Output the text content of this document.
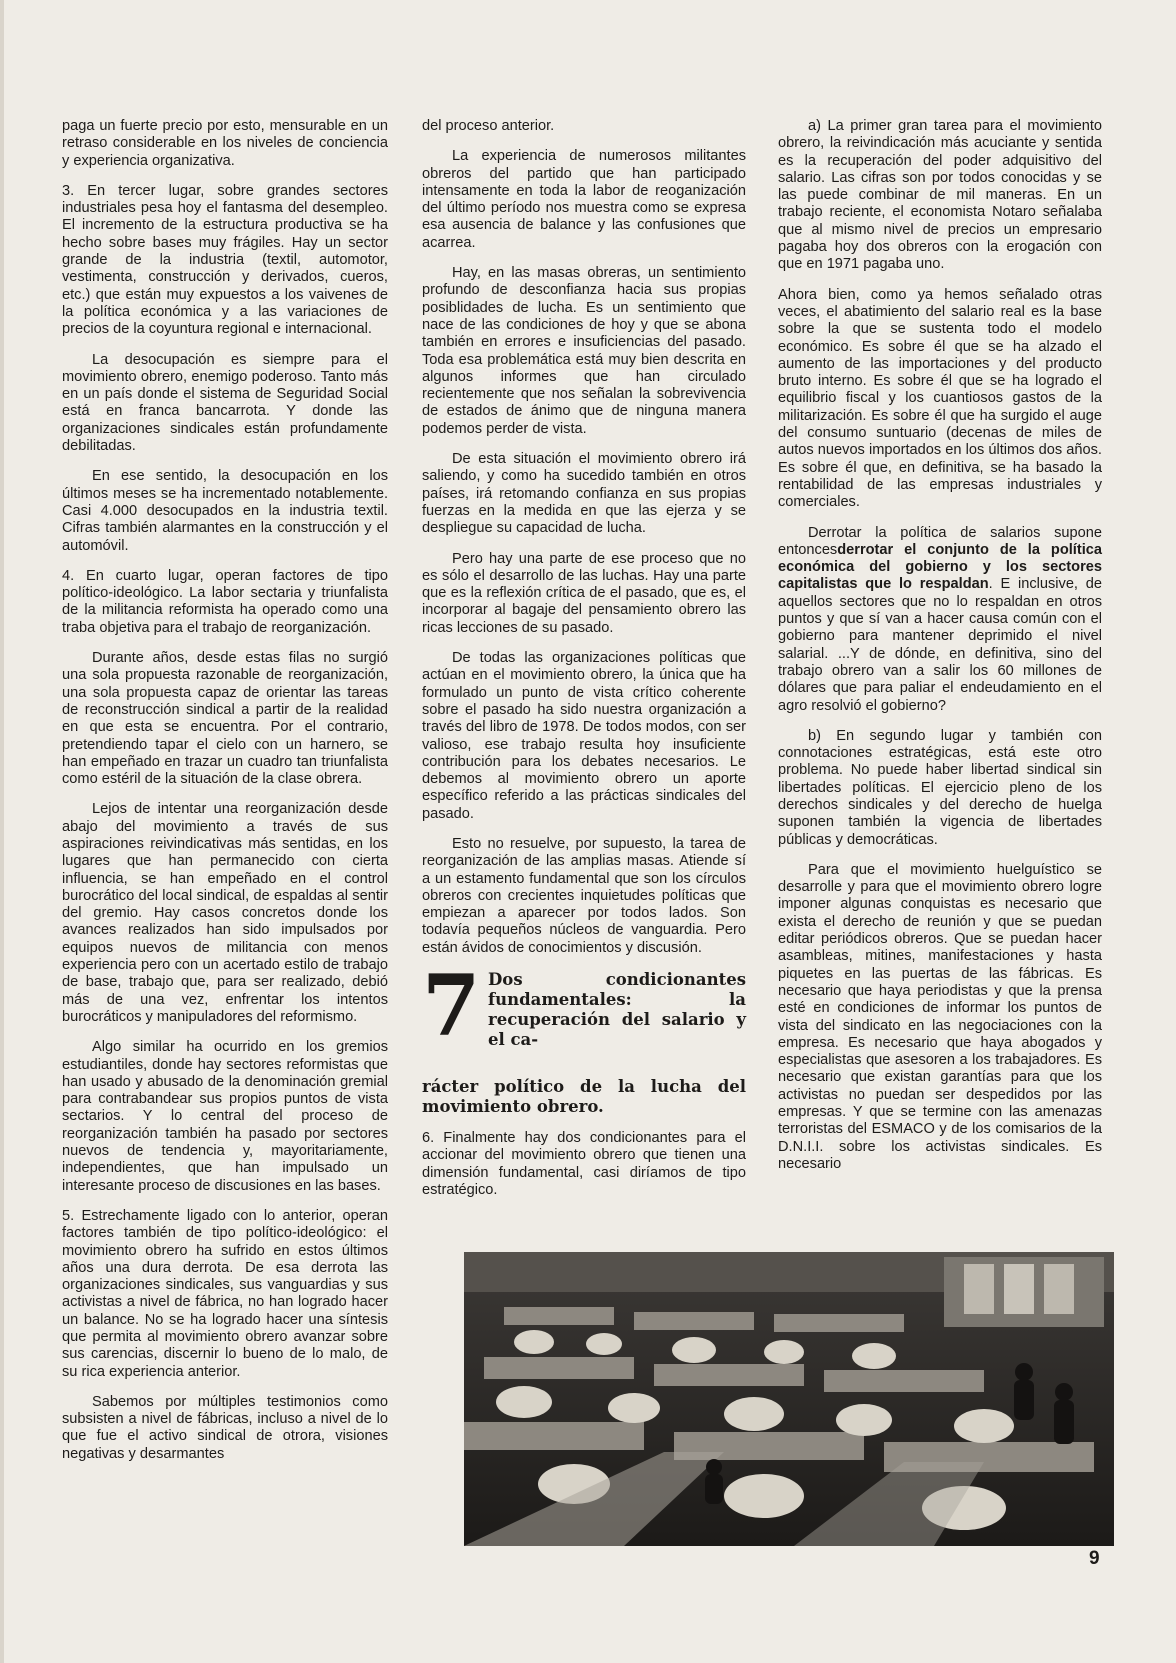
paga un fuerte precio por esto, mensurable en un retraso considerable en los niveles de conciencia y experiencia organizativa.

3. En tercer lugar, sobre grandes sectores industriales pesa hoy el fantasma del desempleo. El incremento de la estructura productiva se ha hecho sobre bases muy frágiles. Hay un sector grande de la industria (textil, automotor, vestimenta, construcción y derivados, cueros, etc.) que están muy expuestos a los vaivenes de la política económica y a las variaciones de precios de la coyuntura regional e internacional.

La desocupación es siempre para el movimiento obrero, enemigo poderoso. Tanto más en un país donde el sistema de Seguridad Social está en franca bancarrota. Y donde las organizaciones sindicales están profundamente debilitadas.

En ese sentido, la desocupación en los últimos meses se ha incrementado notablemente. Casi 4.000 desocupados en la industria textil. Cifras también alarmantes en la construcción y el automóvil.

4. En cuarto lugar, operan factores de tipo político-ideológico. La labor sectaria y triunfalista de la militancia reformista ha operado como una traba objetiva para el trabajo de reorganización.

Durante años, desde estas filas no surgió una sola propuesta razonable de reorganización, una sola propuesta capaz de orientar las tareas de reconstrucción sindical a partir de la realidad en que esta se encuentra. Por el contrario, pretendiendo tapar el cielo con un harnero, se han empeñado en trazar un cuadro tan triunfalista como estéril de la situación de la clase obrera.

Lejos de intentar una reorganización desde abajo del movimiento a través de sus aspiraciones reivindicativas más sentidas, en los lugares que han permanecido con cierta influencia, se han empeñado en el control burocrático del local sindical, de espaldas al sentir del gremio. Hay casos concretos donde los avances realizados han sido impulsados por equipos nuevos de militancia con menos experiencia pero con un acertado estilo de trabajo de base, trabajo que, para ser realizado, debió más de una vez, enfrentar los intentos burocráticos y manipuladores del reformismo.

Algo similar ha ocurrido en los gremios estudiantiles, donde hay sectores reformistas que han usado y abusado de la denominación gremial para contrabandear sus propios puntos de vista sectarios. Y lo central del proceso de reorganización también ha pasado por sectores nuevos de tendencia y, mayoritariamente, independientes, que han impulsado un interesante proceso de discusiones en las bases.

5. Estrechamente ligado con lo anterior, operan factores también de tipo político-ideológico: el movimiento obrero ha sufrido en estos últimos años una dura derrota. De esa derrota las organizaciones sindicales, sus vanguardias y sus activistas a nivel de fábrica, no han logrado hacer un balance. No se ha logrado hacer una síntesis que permita al movimiento obrero avanzar sobre sus carencias, discernir lo bueno de lo malo, de su rica experiencia anterior.

Sabemos por múltiples testimonios como subsisten a nivel de fábricas, incluso a nivel de lo que fue el activo sindical de otrora, visiones negativas y desarmantes

del proceso anterior.

La experiencia de numerosos militantes obreros del partido que han participado intensamente en toda la labor de reoganización del último período nos muestra como se expresa esa ausencia de balance y las confusiones que acarrea.

Hay, en las masas obreras, un sentimiento profundo de desconfianza hacia sus propias posiblidades de lucha. Es un sentimiento que nace de las condiciones de hoy y que se abona también en errores e insuficiencias del pasado. Toda esa problemática está muy bien descrita en algunos informes que han circulado recientemente que nos señalan la sobrevivencia de estados de ánimo que de ninguna manera podemos perder de vista.

De esta situación el movimiento obrero irá saliendo, y como ha sucedido también en otros países, irá retomando confianza en sus propias fuerzas en la medida en que las ejerza y se despliegue su capacidad de lucha.

Pero hay una parte de ese proceso que no es sólo el desarrollo de las luchas. Hay una parte que es la reflexión crítica de el pasado, que es, el incorporar al bagaje del pensamiento obrero las ricas lecciones de su pasado.

De todas las organizaciones políticas que actúan en el movimiento obrero, la única que ha formulado un punto de vista crítico coherente sobre el pasado ha sido nuestra organización a través del libro de 1978. De todos modos, con ser valioso, ese trabajo resulta hoy insuficiente contribución para los debates necesarios. Le debemos al movimiento obrero un aporte específico referido a las prácticas sindicales del pasado.

Esto no resuelve, por supuesto, la tarea de reorganización de las amplias masas. Atiende sí a un estamento fundamental que son los círculos obreros con crecientes inquietudes políticas que empiezan a aparecer por todos lados. Son todavía pequeños núcleos de vanguardia. Pero están ávidos de conocimientos y discusión.

7 Dos condicionantes fundamentales: la recuperación del salario y el ca-

rácter político de la lucha del movimiento obrero.

6. Finalmente hay dos condicionantes para el accionar del movimiento obrero que tienen una dimensión fundamental, casi diríamos de tipo estratégico.

a) La primer gran tarea para el movimiento obrero, la reivindicación más acuciante y sentida es la recuperación del poder adquisitivo del salario. Las cifras son por todos conocidas y se las puede combinar de mil maneras. En un trabajo reciente, el economista Notaro señalaba que al mismo nivel de precios un empresario pagaba hoy dos obreros con la erogación con que en 1971 pagaba uno.

Ahora bien, como ya hemos señalado otras veces, el abatimiento del salario real es la base sobre la que se sustenta todo el modelo económico. Es sobre él que se ha alzado el aumento de las importaciones y del producto bruto interno. Es sobre él que se ha logrado el equilibrio fiscal y los cuantiosos gastos de la militarización. Es sobre él que ha surgido el auge del consumo suntuario (decenas de miles de autos nuevos importados en los últimos dos años. Es sobre él que, en definitiva, se ha basado la rentabilidad de las empresas industriales y comerciales.

Derrotar la política de salarios supone entoncesderrotar el conjunto de la política económica del gobierno y los sectores capitalistas que lo respaldan. E inclusive, de aquellos sectores que no lo respaldan en otros puntos y que sí van a hacer causa común con el gobierno para mantener deprimido el nivel salarial. ...Y de dónde, en definitiva, sino del trabajo obrero van a salir los 60 millones de dólares que para paliar el endeudamiento en el agro resolvió el gobierno?

b) En segundo lugar y también con connotaciones estratégicas, está este otro problema. No puede haber libertad sindical sin libertades políticas. El ejercicio pleno de los derechos sindicales y del derecho de huelga suponen también la vigencia de libertades públicas y democráticas.

Para que el movimiento huelguístico se desarrolle y para que el movimiento obrero logre imponer algunas conquistas es necesario que exista el derecho de reunión y que se puedan editar periódicos obreros. Que se puedan hacer asambleas, mitines, manifestaciones y hasta piquetes en las puertas de las fábricas. Es necesario que haya periodistas y que la prensa esté en condiciones de informar los puntos de vista del sindicato en las negociaciones con la empresa. Es necesario que haya abogados y especialistas que asesoren a los trabajadores. Es necesario que existan garantías para que los activistas no puedan ser despedidos por las empresas. Y que se termine con las amenazas terroristas del ESMACO y de los comisarios de la D.N.I.I. sobre los activistas sindicales. Es necesario

9
